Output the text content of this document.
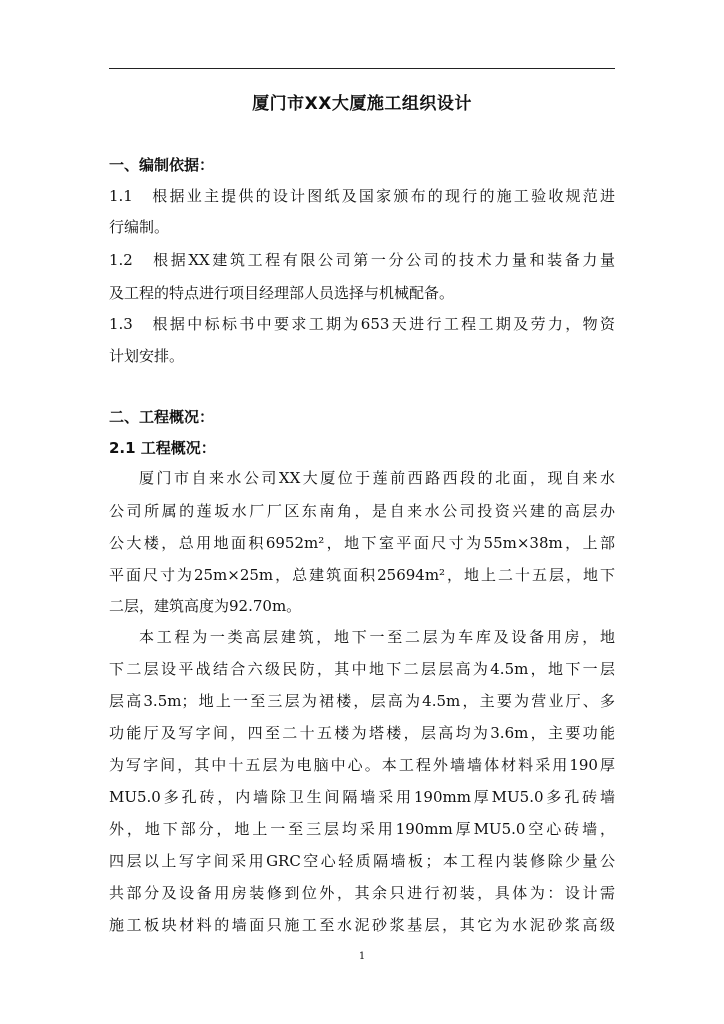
厦门市XX大厦施工组织设计
一、编制依据：
1.1　根据业主提供的设计图纸及国家颁布的现行的施工验收规范进
行编制。
1.2　根据XX建筑工程有限公司第一分公司的技术力量和装备力量
及工程的特点进行项目经理部人员选择与机械配备。
1.3　根据中标标书中要求工期为653天进行工程工期及劳力，物资
计划安排。
二、工程概况：
2.1 工程概况：
厦门市自来水公司XX大厦位于莲前西路西段的北面，现自来水
公司所属的莲坂水厂厂区东南角，是自来水公司投资兴建的高层办
公大楼，总用地面积6952m²，地下室平面尺寸为55m×38m，上部
平面尺寸为25m×25m，总建筑面积25694m²，地上二十五层，地下
二层，建筑高度为92.70m。
本工程为一类高层建筑，地下一至二层为车库及设备用房，地
下二层设平战结合六级民防，其中地下二层层高为4.5m，地下一层
层高3.5m；地上一至三层为裙楼，层高为4.5m，主要为营业厅、多
功能厅及写字间，四至二十五楼为塔楼，层高均为3.6m，主要功能
为写字间，其中十五层为电脑中心。本工程外墙墙体材料采用190厚
MU5.0多孔砖，内墙除卫生间隔墙采用190mm厚MU5.0多孔砖墙
外，地下部分，地上一至三层均采用190mm厚MU5.0空心砖墙，
四层以上写字间采用GRC空心轻质隔墙板；本工程内装修除少量公
共部分及设备用房装修到位外，其余只进行初装，具体为：设计需
施工板块材料的墙面只施工至水泥砂浆基层，其它为水泥砂浆高级
1
